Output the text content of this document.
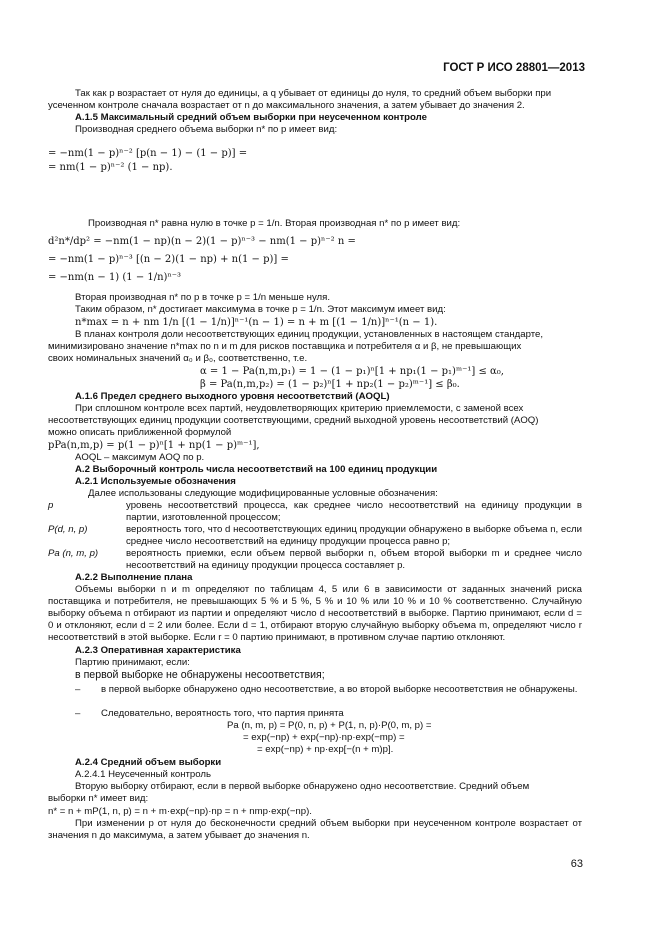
ГОСТ Р ИСО 28801—2013
Так как p возрастает от нуля до единицы, а q убывает от единицы до нуля, то средний объем выборки при
усеченном контроле сначала возрастает от n до максимального значения, а затем убывает до значения 2.
А.1.5 Максимальный средний объем выборки при неусеченном контроле
Производная среднего объема выборки n* по p имеет вид:
= −nm(1 − p)ⁿ⁻² [p(n − 1) − (1 − p)] =
= nm(1 − p)ⁿ⁻² (1 − np).
Производная n* равна нулю в точке p = 1/n. Вторая производная n* по p имеет вид:
d²n*/dp² = −nm(1 − np)(n − 2)(1 − p)ⁿ⁻³ − nm(1 − p)ⁿ⁻² n =
= −nm(1 − p)ⁿ⁻³ [(n − 2)(1 − np) + n(1 − p)] =
= −nm(n − 1) (1 − 1/n)ⁿ⁻³
Вторая производная n* по p в точке p = 1/n меньше нуля.
Таким образом, n* достигает максимума в точке p = 1/n. Этот максимум имеет вид:
n*max = n + nm 1/n [(1 − 1/n)]ⁿ⁻¹(n − 1) = n + m [(1 − 1/n)]ⁿ⁻¹(n − 1).
В планах контроля доли несоответствующих единиц продукции, установленных в настоящем стандарте,
минимизировано значение n*max по n и m для рисков поставщика и потребителя α и β, не превышающих
своих номинальных значений α₀ и β₀, соответственно, т.е.
α = 1 − Pa(n,m,p₁) = 1 − (1 − p₁)ⁿ[1 + np₁(1 − p₁)ᵐ⁻¹] ≤ α₀,
β = Pa(n,m,p₂) = (1 − p₂)ⁿ[1 + np₂(1 − p₂)ᵐ⁻¹] ≤ β₀.
А.1.6 Предел среднего выходного уровня несоответствий (AOQL)
При сплошном контроле всех партий, неудовлетворяющих критерию приемлемости, с заменой всех
несоответствующих единиц продукции соответствующими, средний выходной уровень несоответствий (AOQ)
можно описать приближенной формулой
pPa(n,m,p) = p(1 − p)ⁿ[1 + np(1 − p)ᵐ⁻¹],
AOQL – максимум AOQ по p.
А.2 Выборочный контроль числа несоответствий на 100 единиц продукции
А.2.1 Используемые обозначения
Далее использованы следующие модифицированные условные обозначения:
p	уровень несоответствий процесса, как среднее число несоответствий на единицу продукции в партии, изготовленной процессом;
P(d, n, p)	вероятность того, что d несоответствующих единиц продукции обнаружено в выборке объема n, если среднее число несоответствий на единицу продукции процесса равно p;
Pa (n, m, p)	вероятность приемки, если объем первой выборки n, объем второй выборки m и среднее число несоответствий на единицу продукции процесса составляет p.
А.2.2 Выполнение плана
Объемы выборки n и m определяют по таблицам 4, 5 или 6 в зависимости от заданных значений риска поставщика и потребителя, не превышающих 5 % и 5 %, 5 % и 10 % или 10 % и 10 % соответственно. Случайную выборку объема n отбирают из партии и определяют число d несоответствий в выборке. Партию принимают, если d = 0 и отклоняют, если d = 2 или более. Если d = 1, отбирают вторую случайную выборку объема m, определяют число r несоответствий в этой выборке. Если r = 0 партию принимают, в противном случае партию отклоняют.
А.2.3 Оперативная характеристика
Партию принимают, если:
в первой выборке не обнаружены несоответствия;
–	в первой выборке обнаружено одно несоответствие, а во второй выборке несоответствия не обнаружены.
– Следовательно, вероятность того, что партия принята
Pa (n, m, p) = P(0, n, p) + P(1, n, p)·P(0, m, p) =
= exp(−np) + exp(−np)·np·exp(−mp) =
= exp(−np) + np·exp[−(n + m)p].
А.2.4 Средний объем выборки
А.2.4.1 Неусеченный контроль
Вторую выборку отбирают, если в первой выборке обнаружено одно несоответствие. Средний объем
выборки n* имеет вид:
n* = n + mP(1, n, p) = n + m·exp(−np)·np = n + nmp·exp(−np).
При изменении p от нуля до бесконечности средний объем выборки при неусеченном контроле возрастает от значения n до максимума, а затем убывает до значения n.
63
